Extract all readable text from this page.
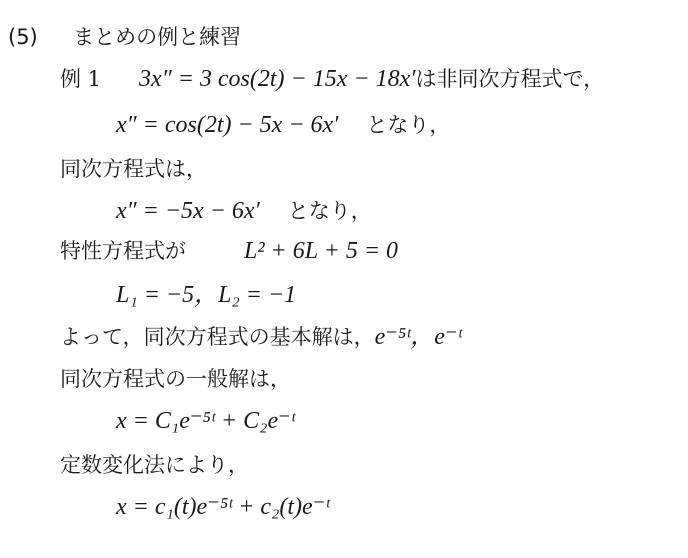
(5) まとめの例と練習
例 1 3x″ = 3 cos(2t) − 15x − 18x′は非同次方程式で，
x″ = cos(2t) − 5x − 6x′ となり，
同次方程式は，
x″ = −5x − 6x′ となり，
特性方程式が L² + 6L + 5 = 0
L₁ = −5，L₂ = −1
よって，同次方程式の基本解は，e⁻⁵ᵗ，e⁻ᵗ
同次方程式の一般解は，
x = C₁e⁻⁵ᵗ + C₂e⁻ᵗ
定数変化法により，
x = c₁(t)e⁻⁵ᵗ + c₂(t)e⁻ᵗ
